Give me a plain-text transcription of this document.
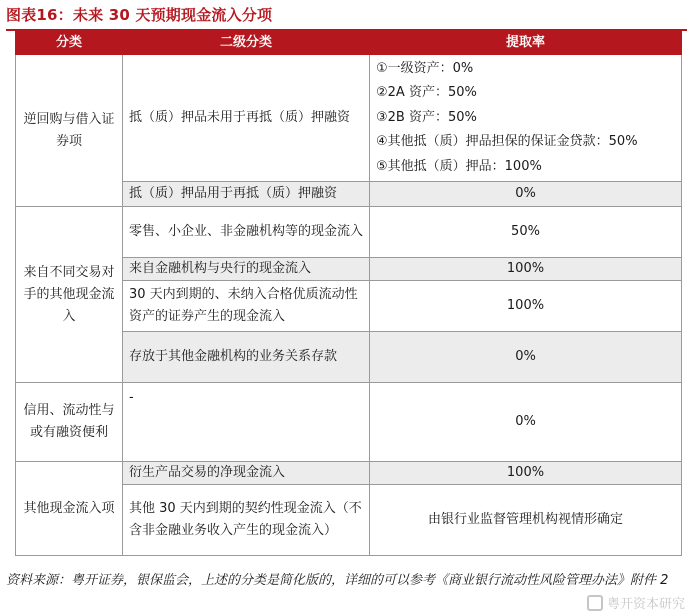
图表16：未来 30 天预期现金流入分项
分类	二级分类	提取率
逆回购与借入证券项	抵（质）押品未用于再抵（质）押融资	①一级资产：0%
②2A 资产：50%
③2B 资产：50%
④其他抵（质）押品担保的保证金贷款：50%
⑤其他抵（质）押品：100%

	抵（质）押品用于再抵（质）押融资	0%
来自不同交易对手的其他现金流入	零售、小企业、非金融机构等的现金流入	50%
	来自金融机构与央行的现金流入	100%
	30 天内到期的、未纳入合格优质流动性资产的证券产生的现金流入	100%
	存放于其他金融机构的业务关系存款	0%
信用、流动性与或有融资便利	-	0%
其他现金流入项	衍生产品交易的净现金流入	100%
	其他 30 天内到期的契约性现金流入（不含非金融业务收入产生的现金流入）	由银行业监督管理机构视情形确定
资料来源：粤开证券，银保监会，上述的分类是简化版的，详细的可以参考《商业银行流动性风险管理办法》附件 2
粤开资本研究
